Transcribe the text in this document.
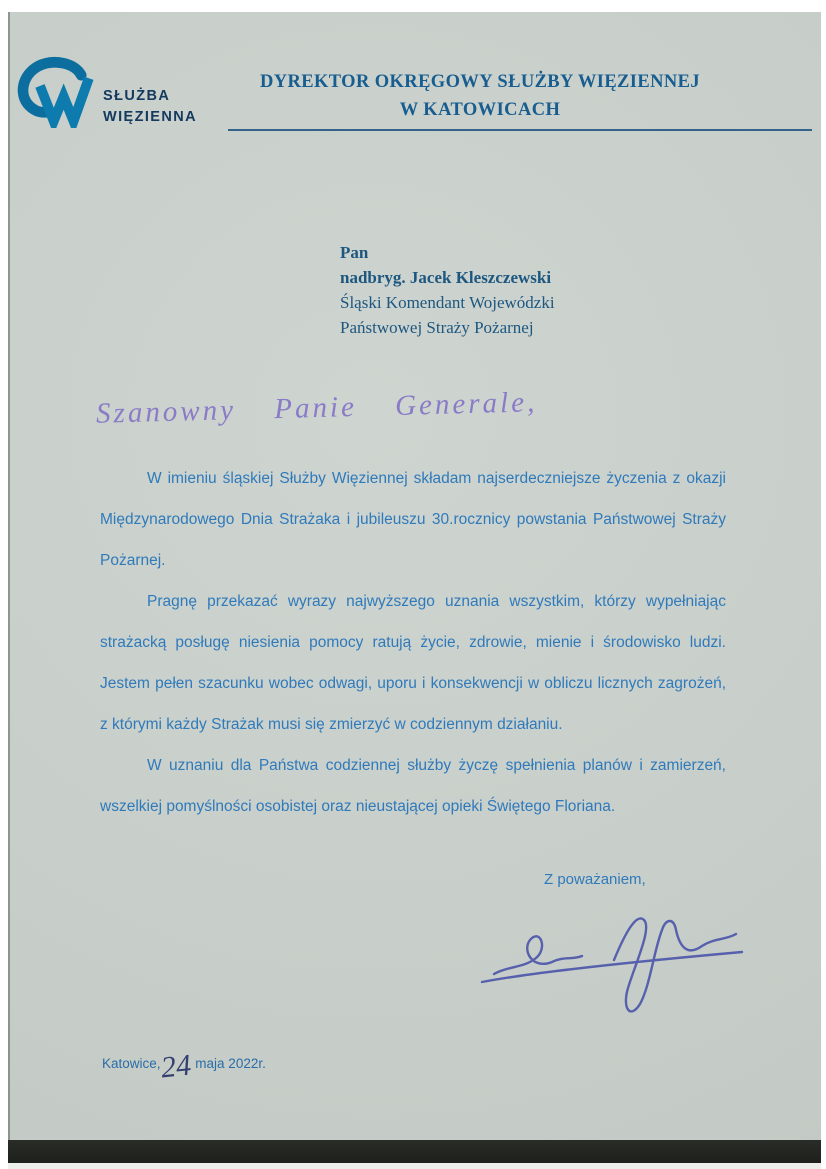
SŁUŻBA
WIĘZIENNA
DYREKTOR OKRĘGOWY SŁUŻBY WIĘZIENNEJ
W KATOWICACH
Pan
nadbryg. Jacek Kleszczewski
Śląski Komendant Wojewódzki
Państwowej Straży Pożarnej
Szanowny Panie Generale,

W imieniu śląskiej Służby Więziennej składam najserdeczniejsze życzenia z okazji Międzynarodowego Dnia Strażaka i jubileuszu 30.rocznicy powstania Państwowej Straży Pożarnej.

Pragnę przekazać wyrazy najwyższego uznania wszystkim, którzy wypełniając strażacką posługę niesienia pomocy ratują życie, zdrowie, mienie i środowisko ludzi. Jestem pełen szacunku wobec odwagi, uporu i konsekwencji w obliczu licznych zagrożeń, z którymi każdy Strażak musi się zmierzyć w codziennym działaniu.

W uznaniu dla Państwa codziennej służby życzę spełnienia planów i zamierzeń, wszelkiej pomyślności osobistej oraz nieustającej opieki Świętego Floriana.

Z poważaniem,
Katowice,24 maja 2022r.
